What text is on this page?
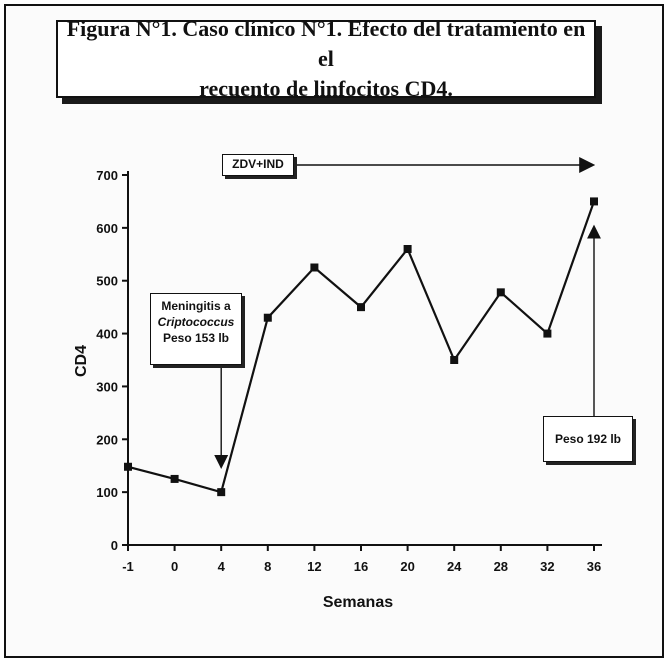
Figura N°1. Caso clínico N°1. Efecto del tratamiento en el
recuento de linfocitos CD4.
0
100
200
300
400
500
600
700
-1	0	4	8	12 16 20 24 28 32 36
Semanas
CD4
ZDV+IND
Meningitis a
Criptococcus
Peso 153 lb
Peso 192 lb
